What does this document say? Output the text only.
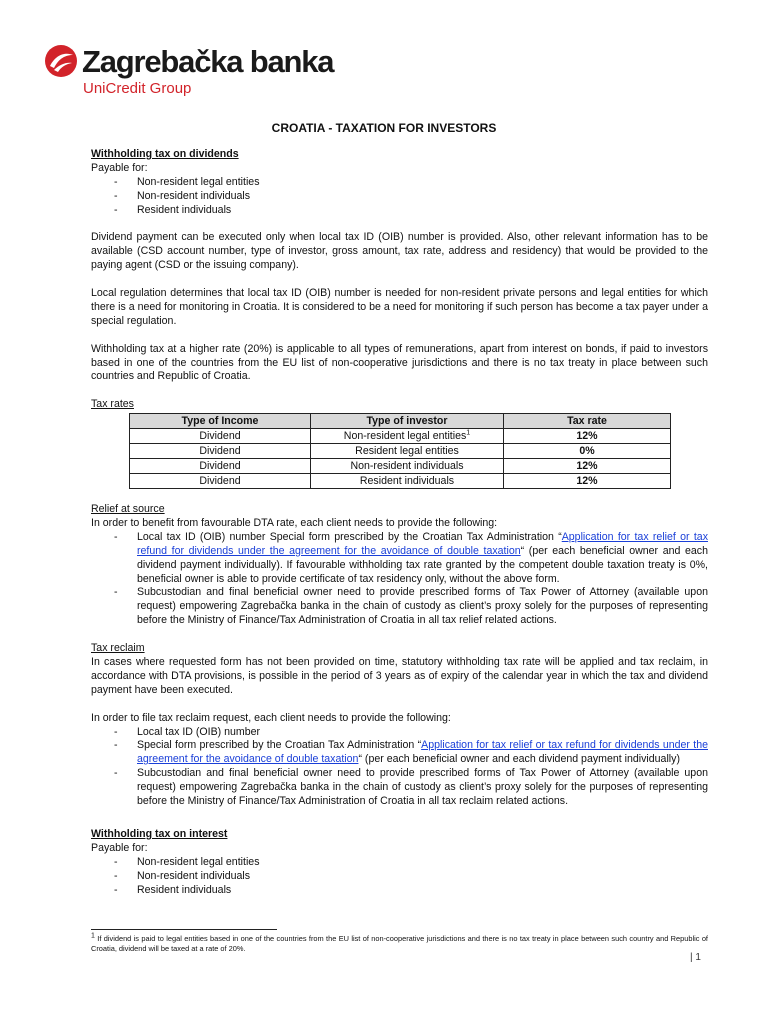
Zagrebačka banka
UniCredit Group
CROATIA - TAXATION FOR INVESTORS

Withholding tax on dividends

Payable for:

- Non-resident legal entities
- Non-resident individuals
- Resident individuals

Dividend payment can be executed only when local tax ID (OIB) number is provided. Also, other relevant information has to be available (CSD account number, type of investor, gross amount, tax rate, address and residency) that would be provided to the paying agent (CSD or the issuing company).

Local regulation determines that local tax ID (OIB) number is needed for non-resident private persons and legal entities for which there is a need for monitoring in Croatia. It is considered to be a need for monitoring if such person has become a tax payer under a special regulation.

Withholding tax at a higher rate (20%) is applicable to all types of remunerations, apart from interest on bonds, if paid to investors based in one of the countries from the EU list of non-cooperative jurisdictions and there is no tax treaty in place between such countries and Republic of Croatia.

Tax rates

Type of Income	Type of investor	Tax rate
Dividend	Non-resident legal entities$^1$	12%
Dividend	Resident legal entities	0%
Dividend	Non-resident individuals	12%
Dividend	Resident individuals	12%

Relief at source

In order to benefit from favourable DTA rate, each client needs to provide the following:

- Local tax ID (OIB) number Special form prescribed by the Croatian Tax Administration “Application for tax relief or tax refund for dividends under the agreement for the avoidance of double taxation“ (per each beneficial owner and each dividend payment individually). If favourable withholding tax rate granted by the competent double taxation treaty is 0%, beneficial owner is able to provide certificate of tax residency only, without the above form.
- Subcustodian and final beneficial owner need to provide prescribed forms of Tax Power of Attorney (available upon request) empowering Zagrebačka banka in the chain of custody as client’s proxy solely for the purposes of representing before the Ministry of Finance/Tax Administration of Croatia in all tax relief related actions.

Tax reclaim

In cases where requested form has not been provided on time, statutory withholding tax rate will be applied and tax reclaim, in accordance with DTA provisions, is possible in the period of 3 years as of expiry of the calendar year in which the tax and dividend payment have been executed.

In order to file tax reclaim request, each client needs to provide the following:

- Local tax ID (OIB) number
- Special form prescribed by the Croatian Tax Administration “Application for tax relief or tax refund for dividends under the agreement for the avoidance of double taxation“ (per each beneficial owner and each dividend payment individually)
- Subcustodian and final beneficial owner need to provide prescribed forms of Tax Power of Attorney (available upon request) empowering Zagrebačka banka in the chain of custody as client’s proxy solely for the purposes of representing before the Ministry of Finance/Tax Administration of Croatia in all tax reclaim related actions.

Withholding tax on interest

Payable for:

- Non-resident legal entities
- Non-resident individuals
- Resident individuals
$^1$ If dividend is paid to legal entities based in one of the countries from the EU list of non-cooperative jurisdictions and there is no tax treaty in place between such country and Republic of Croatia, dividend will be taxed at a rate of 20%.
| 1
